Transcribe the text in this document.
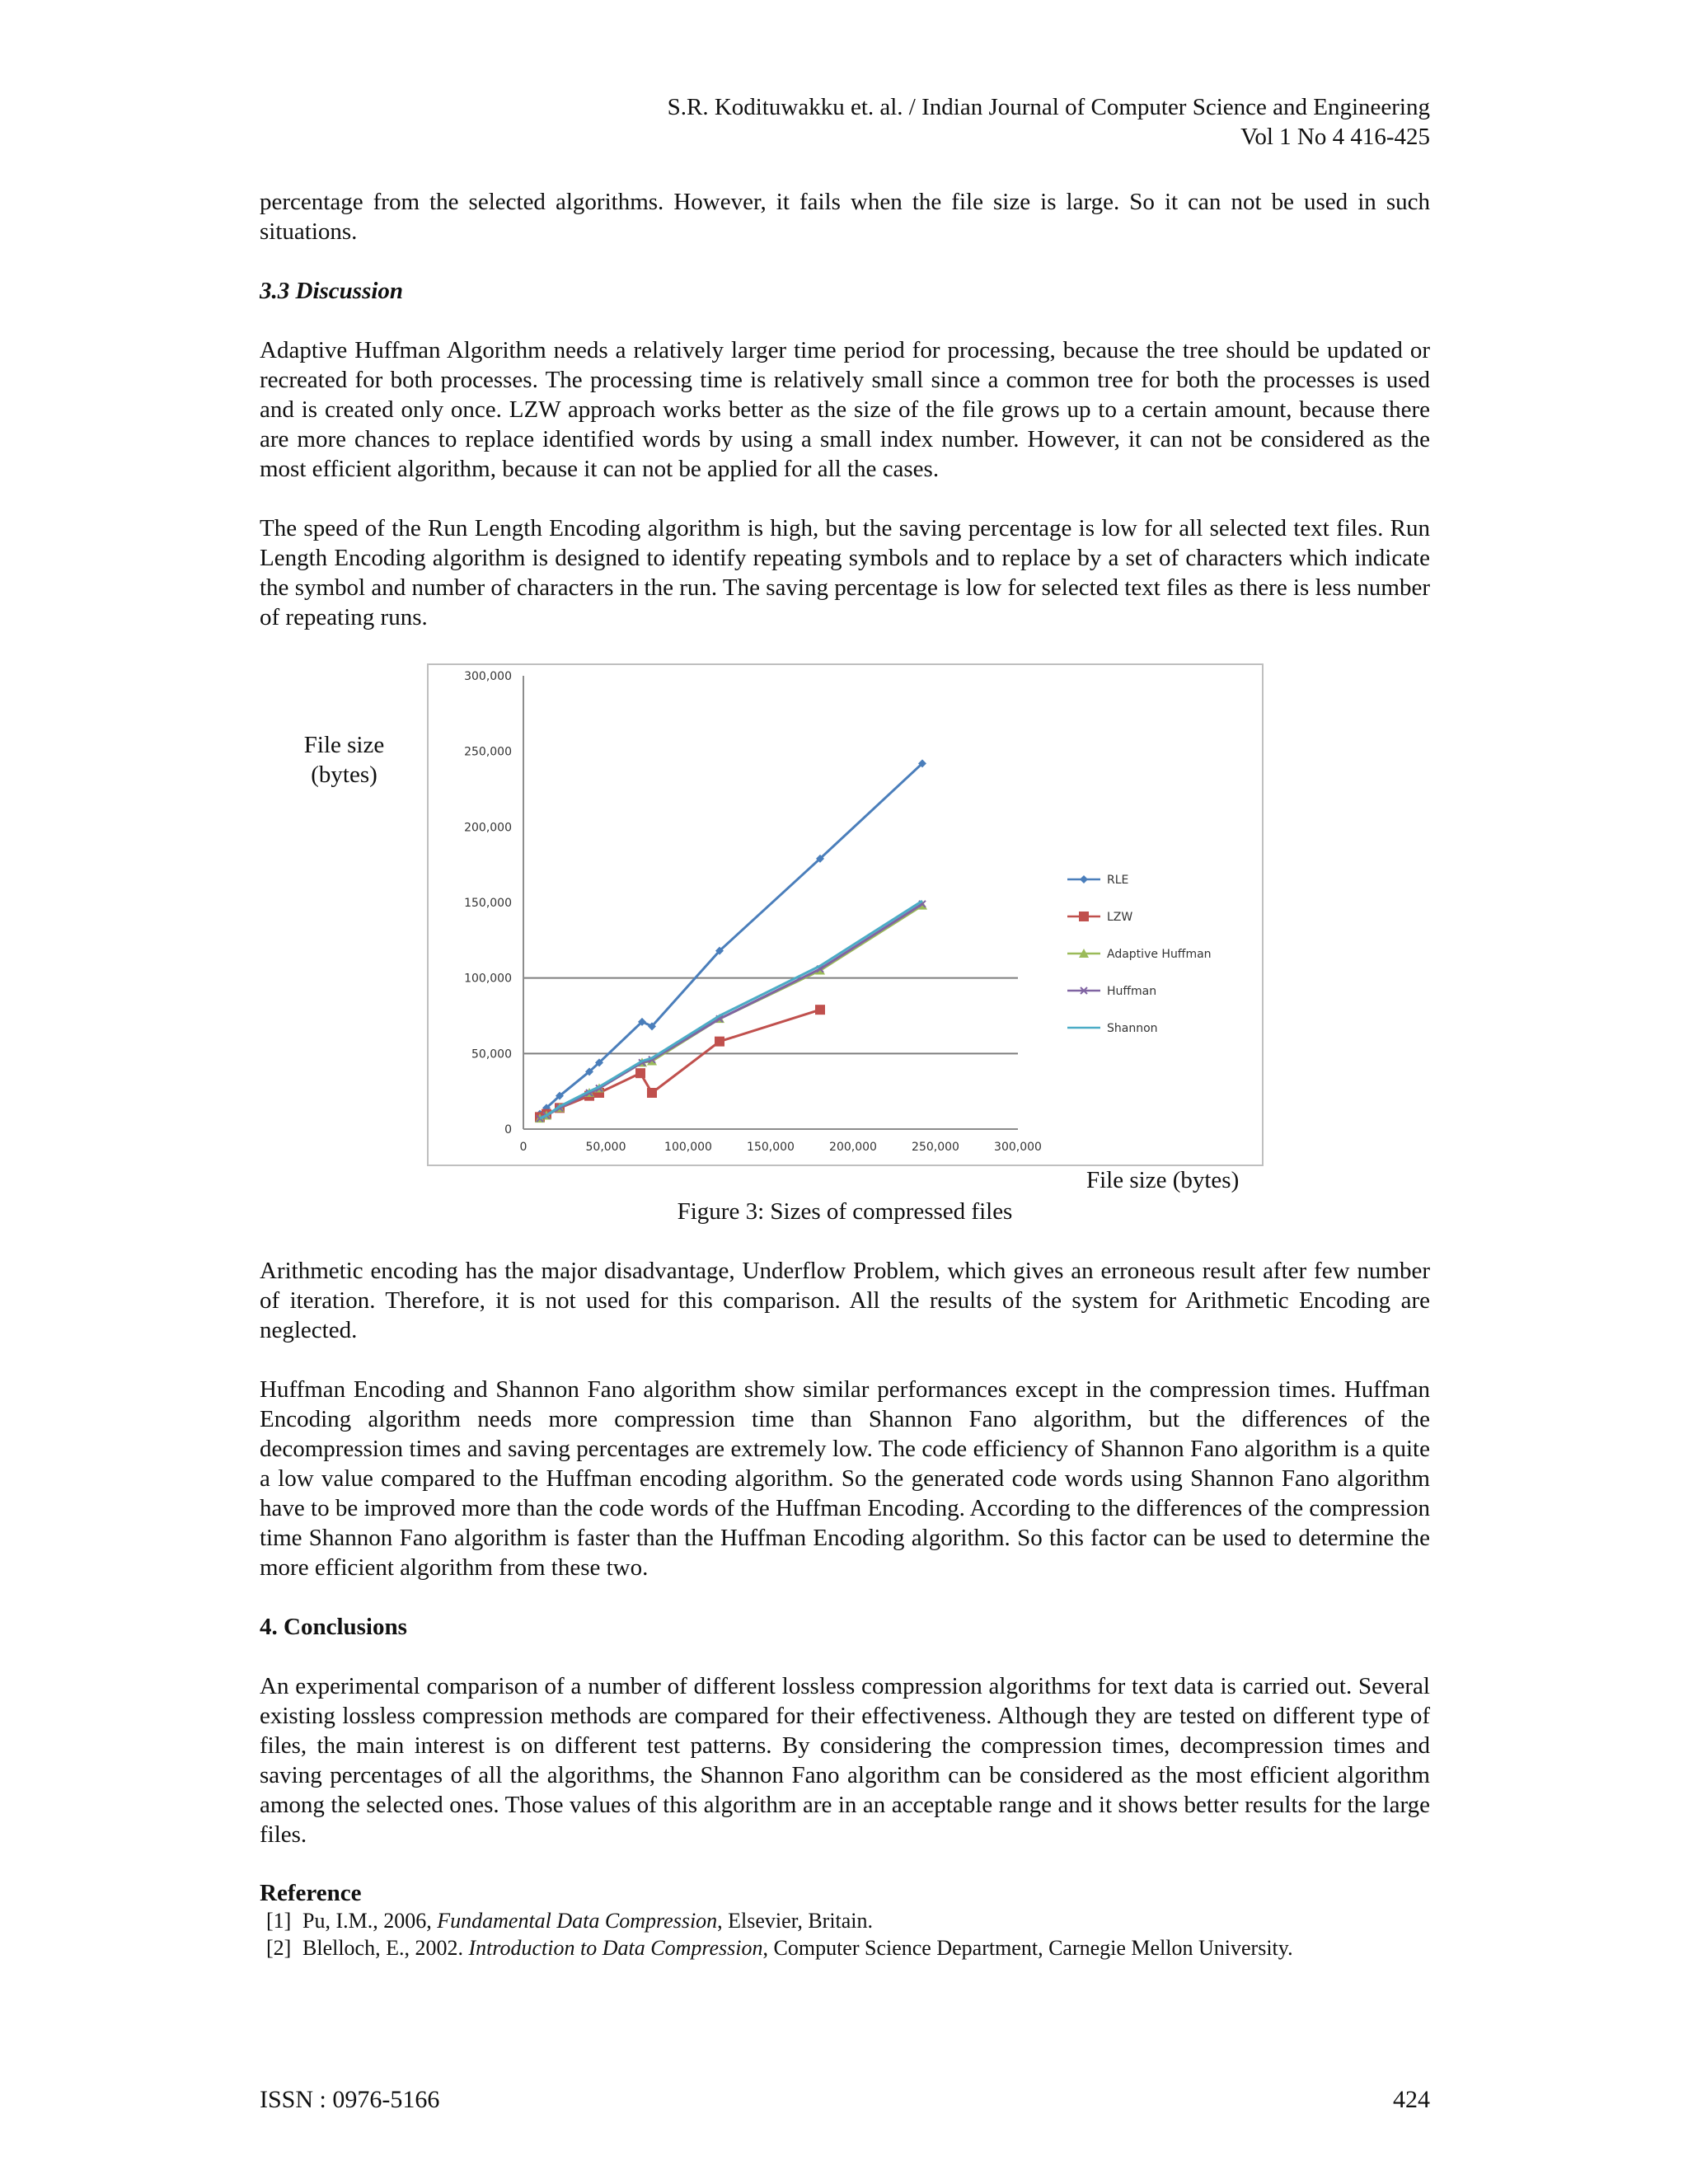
S.R. Kodituwakku et. al. / Indian Journal of Computer Science and Engineering
Vol 1 No 4 416-425

percentage from the selected algorithms. However, it fails when the file size is large. So it can not be used in such situations.

3.3 Discussion

Adaptive Huffman Algorithm needs a relatively larger time period for processing, because the tree should be updated or recreated for both processes. The processing time is relatively small since a common tree for both the processes is used and is created only once. LZW approach works better as the size of the file grows up to a certain amount, because there are more chances to replace identified words by using a small index number. However, it can not be considered as the most efficient algorithm, because it can not be applied for all the cases.

The speed of the Run Length Encoding algorithm is high, but the saving percentage is low for all selected text files. Run Length Encoding algorithm is designed to identify repeating symbols and to replace by a set of characters which indicate the symbol and number of characters in the run. The saving percentage is low for selected text files as there is less number of repeating runs.

File size (bytes)
0
50,000
100,000
150,000
200,000
250,000
300,000
0	50,000	100,000	150,000	200,000	250,000	300,000
RLE
LZW
Adaptive Huffman
Huffman
Shannon
File size (bytes)
Figure 3: Sizes of compressed files

Arithmetic encoding has the major disadvantage, Underflow Problem, which gives an erroneous result after few number of iteration. Therefore, it is not used for this comparison. All the results of the system for Arithmetic Encoding are neglected.

Huffman Encoding and Shannon Fano algorithm show similar performances except in the compression times. Huffman Encoding algorithm needs more compression time than Shannon Fano algorithm, but the differences of the decompression times and saving percentages are extremely low. The code efficiency of Shannon Fano algorithm is a quite a low value compared to the Huffman encoding algorithm. So the generated code words using Shannon Fano algorithm have to be improved more than the code words of the Huffman Encoding. According to the differences of the compression time Shannon Fano algorithm is faster than the Huffman Encoding algorithm. So this factor can be used to determine the more efficient algorithm from these two.

4. Conclusions

An experimental comparison of a number of different lossless compression algorithms for text data is carried out. Several existing lossless compression methods are compared for their effectiveness. Although they are tested on different type of files, the main interest is on different test patterns. By considering the compression times, decompression times and saving percentages of all the algorithms, the Shannon Fano algorithm can be considered as the most efficient algorithm among the selected ones. Those values of this algorithm are in an acceptable range and it shows better results for the large files.

Reference
[1] Pu, I.M., 2006, Fundamental Data Compression, Elsevier, Britain.
[2] Blelloch, E., 2002. Introduction to Data Compression, Computer Science Department, Carnegie Mellon University.
ISSN : 0976-5166	424
